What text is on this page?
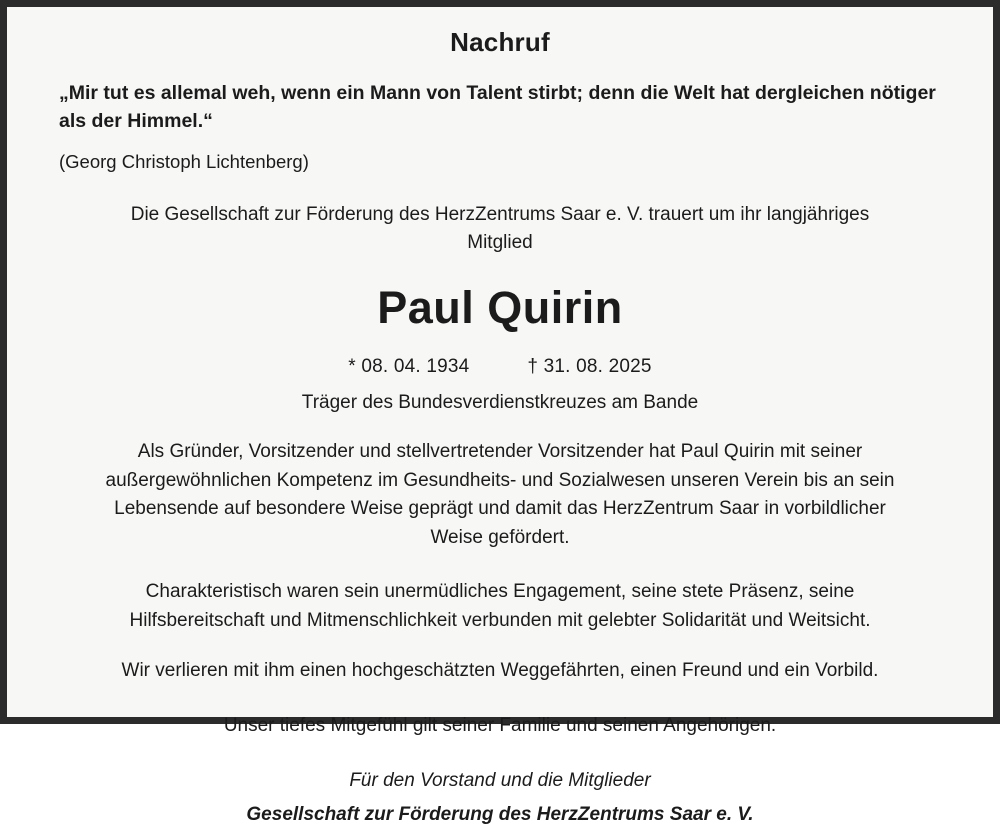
Nachruf
„Mir tut es allemal weh, wenn ein Mann von Talent stirbt; denn die Welt hat dergleichen nötiger als der Himmel.“
(Georg Christoph Lichtenberg)
Die Gesellschaft zur Förderung des HerzZentrums Saar e. V. trauert um ihr langjähriges Mitglied
Paul Quirin
* 08. 04. 1934	† 31. 08. 2025
Träger des Bundesverdienstkreuzes am Bande
Als Gründer, Vorsitzender und stellvertretender Vorsitzender hat Paul Quirin mit seiner außergewöhnlichen Kompetenz im Gesundheits- und Sozialwesen unseren Verein bis an sein Lebensende auf besondere Weise geprägt und damit das HerzZentrum Saar in vorbildlicher Weise gefördert.
Charakteristisch waren sein unermüdliches Engagement, seine stete Präsenz, seine Hilfsbereitschaft und Mitmenschlichkeit verbunden mit gelebter Solidarität und Weitsicht.
Wir verlieren mit ihm einen hochgeschätzten Weggefährten, einen Freund und ein Vorbild.
Unser tiefes Mitgefühl gilt seiner Familie und seinen Angehörigen.
Für den Vorstand und die Mitglieder
Gesellschaft zur Förderung des HerzZentrums Saar e. V.
